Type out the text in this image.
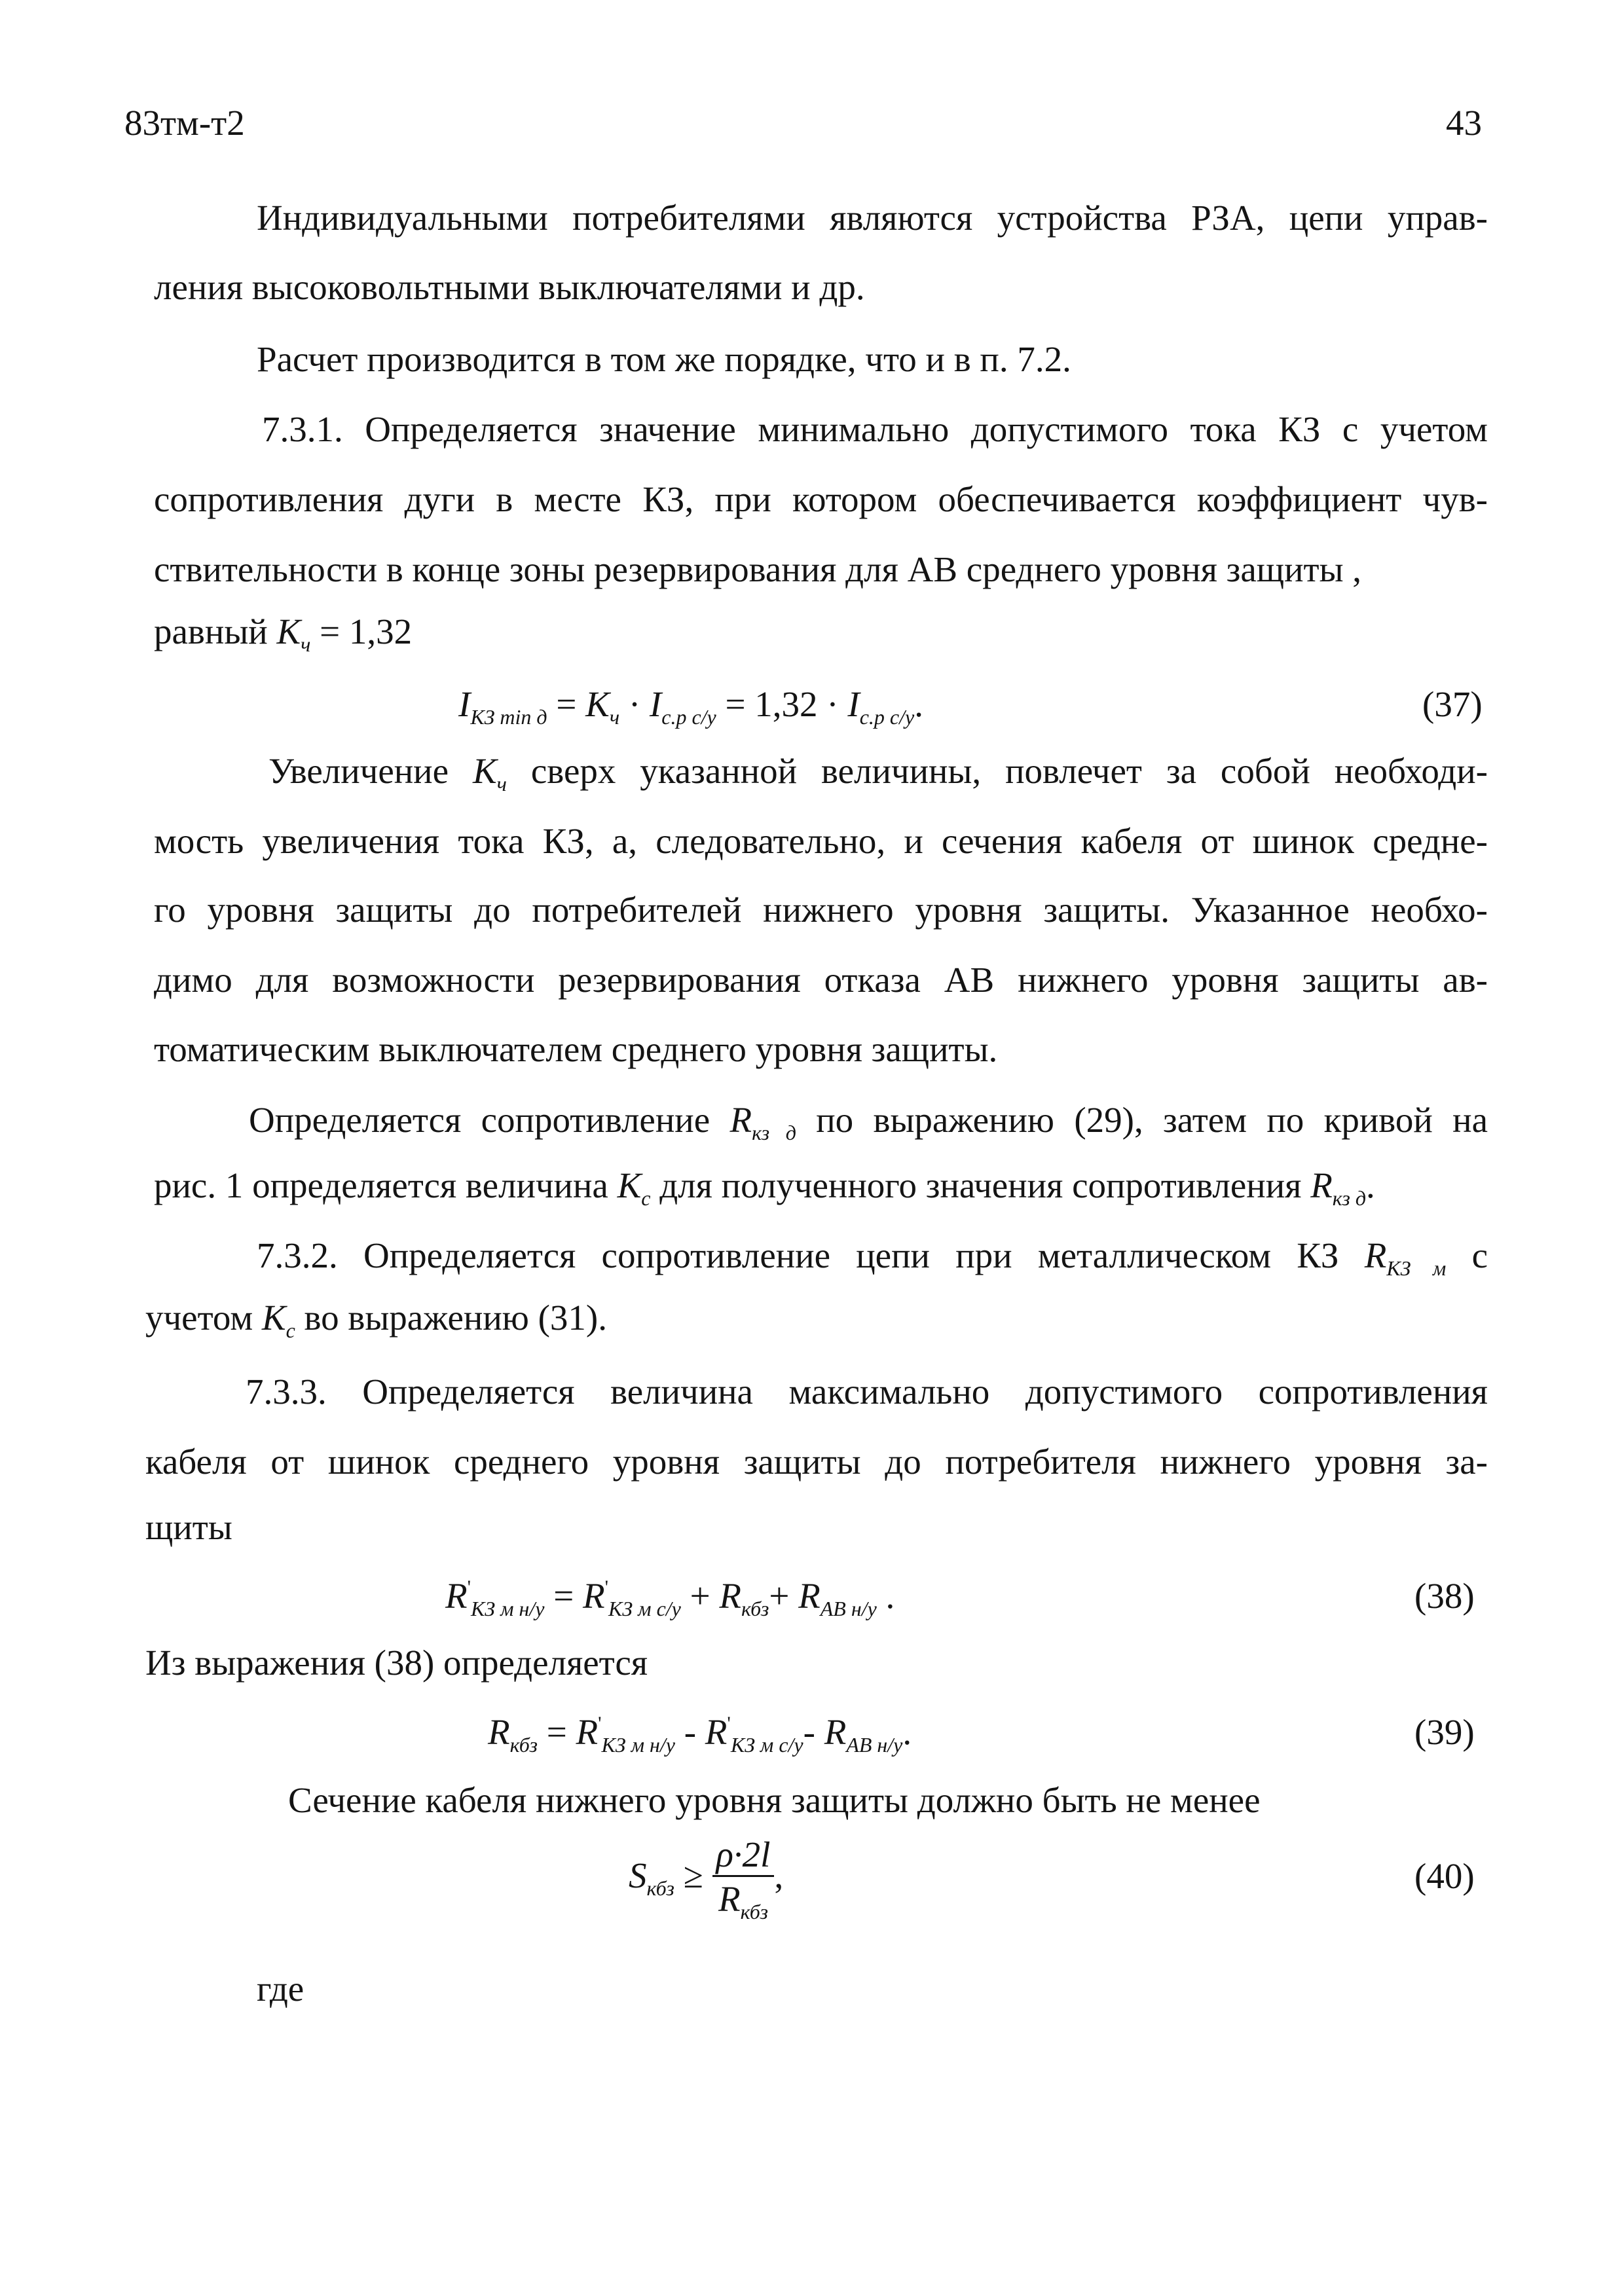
83тм-т2	43
Индивидуальными потребителями являются устройства РЗА, цепи управ-
ления высоковольтными выключателями и др.
Расчет производится в том же порядке, что и в п. 7.2.
7.3.1. Определяется значение минимально допустимого тока КЗ с учетом
сопротивления дуги в месте КЗ, при котором обеспечивается коэффициент чув-
ствительности в конце зоны резервирования для АВ среднего уровня защиты ,
равный $K_ч = 1,32$
$I_{КЗ min д} = K_ч \cdot I_{с.р с/у} = 1,32 \cdot I_{с.р с/у}$.	(37)
Увеличение $K_ч$ сверх указанной величины, повлечет за собой необходи-
мость увеличения тока КЗ, а, следовательно, и сечения кабеля от шинок средне-
го уровня защиты до потребителей нижнего уровня защиты. Указанное необхо-
димо для возможности резервирования отказа АВ нижнего уровня защиты ав-
томатическим выключателем среднего уровня защиты.
Определяется сопротивление $R_{кз д}$ по выражению (29), затем по кривой на
рис. 1 определяется величина $K_с$ для полученного значения сопротивления $R_{кз д}$.
7.3.2. Определяется сопротивление цепи при металлическом КЗ $R_{КЗ м}$ с
учетом $K_с$ во выражению (31).
7.3.3. Определяется величина максимально допустимого сопротивления
кабеля от шинок среднего уровня защиты до потребителя нижнего уровня за-
щиты
$R'_{КЗ м н/у} = R'_{КЗ м с/у} + R_{кбз}+ R_{АВ н/у}$ .	(38)
Из выражения (38) определяется
$R_{кбз} = R'_{КЗ м н/у} - R'_{КЗ м с/у}-$ $R_{АВ н/у}$.	(39)
Сечение кабеля нижнего уровня защиты должно быть не менее
$S_{кбз} \ge \frac{\rho\cdot 2l}{R_{кбз}}$ ,	(40)
где
